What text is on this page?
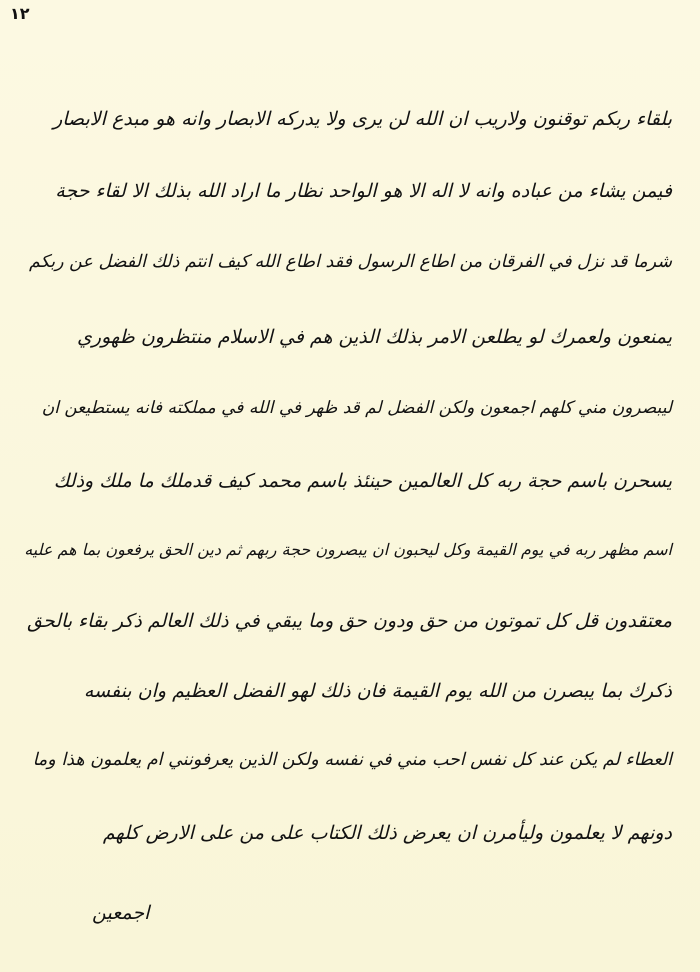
١٢
بلقاء ربكم توقنون ولاريب ان الله لن يرى ولا يدركه الابصار وانه هو مبدع الابصار
فيمن يشاء من عباده وانه لا اله الا هو الواحد نظار ما اراد الله بذلك الا لقاء حجة
شرما قد نزل في الفرقان من اطاع الرسول فقد اطاع الله كيف انتم ذلك الفضل عن ربكم
يمنعون ولعمرك لو يطلعن الامر بذلك الذين هم في الاسلام منتظرون ظهوري
ليبصرون مني كلهم اجمعون ولكن الفضل لم قد ظهر في الله في مملكته فانه يستطيعن ان
يسحرن باسم حجة ربه كل العالمين حينئذ باسم محمد كيف قدملك ما ملك وذلك
اسم مظهر ربه في يوم القيمة وكل ليحبون ان يبصرون حجة ربهم ثم دين الحق يرفعون بما هم عليه
معتقدون قل كل تموتون من حق ودون حق وما يبقي في ذلك العالم ذكر بقاء بالحق
ذكرك بما يبصرن من الله يوم القيمة فان ذلك لهو الفضل العظيم وان بنفسه
العطاء لم يكن عند كل نفس احب مني في نفسه ولكن الذين يعرفونني ام يعلمون هذا وما
دونهم لا يعلمون وليأمرن ان يعرض ذلك الكتاب على من على الارض كلهم
اجمعين
